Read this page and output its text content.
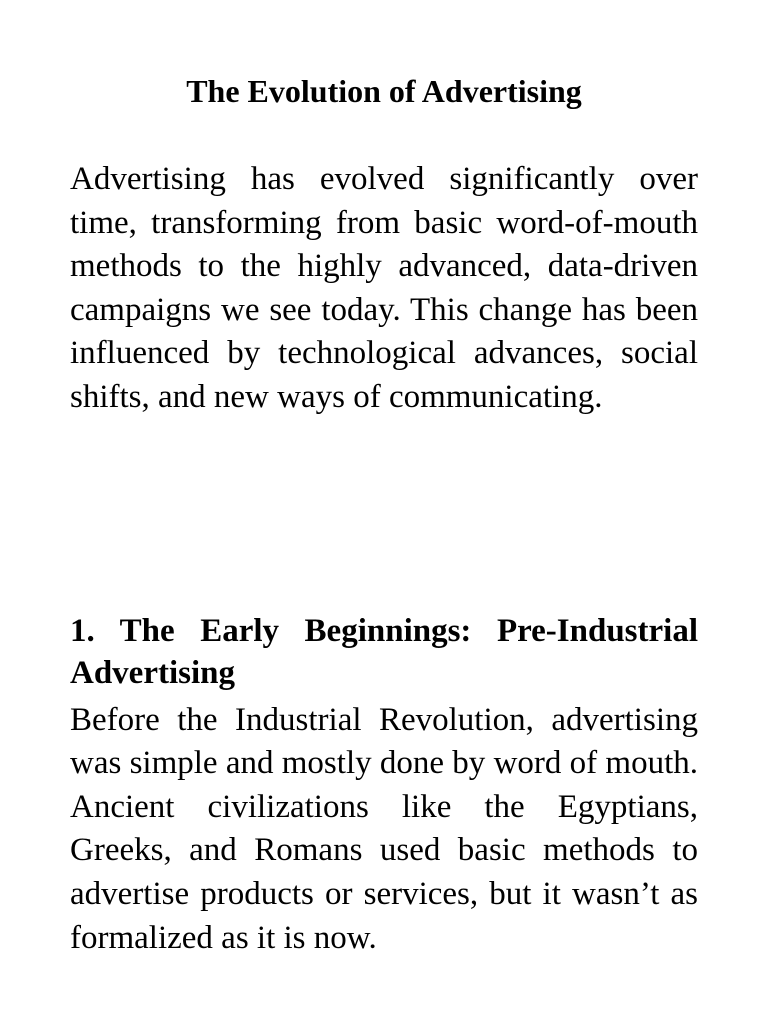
The Evolution of Advertising

Advertising has evolved significantly over time, transforming from basic word-of-mouth methods to the highly advanced, data-driven campaigns we see today. This change has been influenced by technological advances, social shifts, and new ways of communicating.

1. The Early Beginnings: Pre-Industrial Advertising

Before the Industrial Revolution, advertising was simple and mostly done by word of mouth. Ancient civilizations like the Egyptians, Greeks, and Romans used basic methods to advertise products or services, but it wasn’t as formalized as it is now.
